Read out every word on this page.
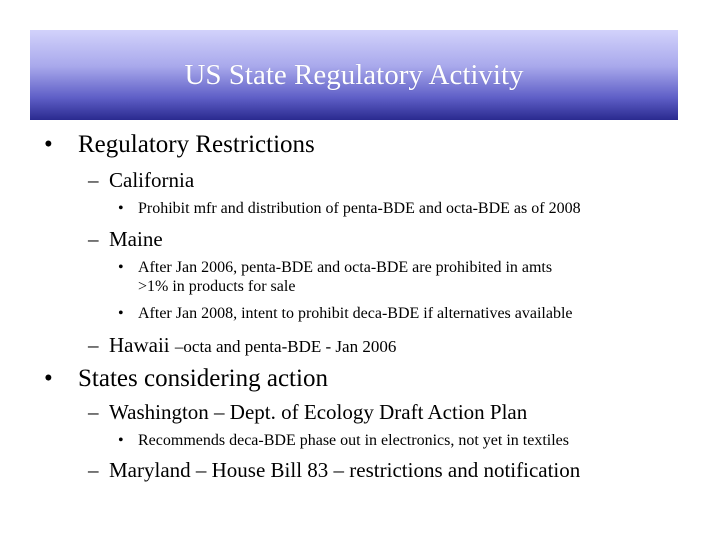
US State Regulatory Activity
• Regulatory Restrictions
– California
• Prohibit mfr and distribution of penta-BDE and octa-BDE as of 2008
– Maine
• After Jan 2006, penta-BDE and octa-BDE are prohibited in amts
>1% in products for sale
• After Jan 2008, intent to prohibit deca-BDE if alternatives available
– Hawaii –octa and penta-BDE - Jan 2006
• States considering action
– Washington – Dept. of Ecology Draft Action Plan
• Recommends deca-BDE phase out in electronics, not yet in textiles
– Maryland – House Bill 83 – restrictions and notification
